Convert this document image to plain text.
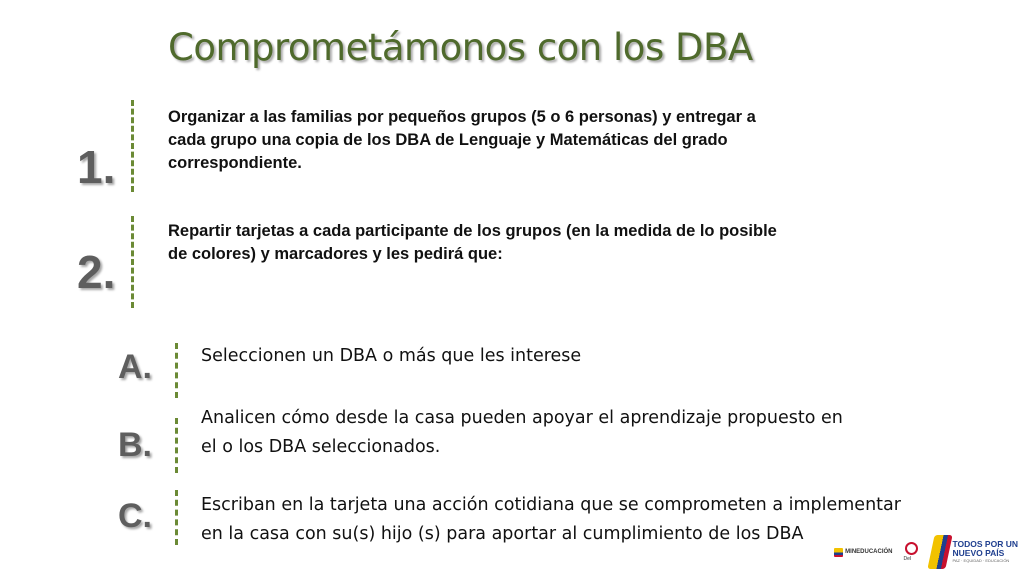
Comprometámonos con los DBA
1.
Organizar a las familias por pequeños grupos (5 o 6 personas) y entregar a
cada grupo una copia de los DBA de Lenguaje y Matemáticas del grado
correspondiente.
2.
Repartir tarjetas a cada participante de los grupos (en la medida de lo posible
de colores) y marcadores y les pedirá que:
A.	Seleccionen un DBA o más que les interese
B.
Analicen cómo desde la casa pueden apoyar el aprendizaje propuesto en
el o los DBA seleccionados.
C.	Escriban en la tarjeta una acción cotidiana que se comprometen a implementar
en la casa con su(s) hijo (s) para aportar al cumplimiento de los DBA
MINEDUCACIÓN
DeI
TODOS POR UN
NUEVO PAÍS
PAZ · EQUIDAD · EDUCACIÓN
